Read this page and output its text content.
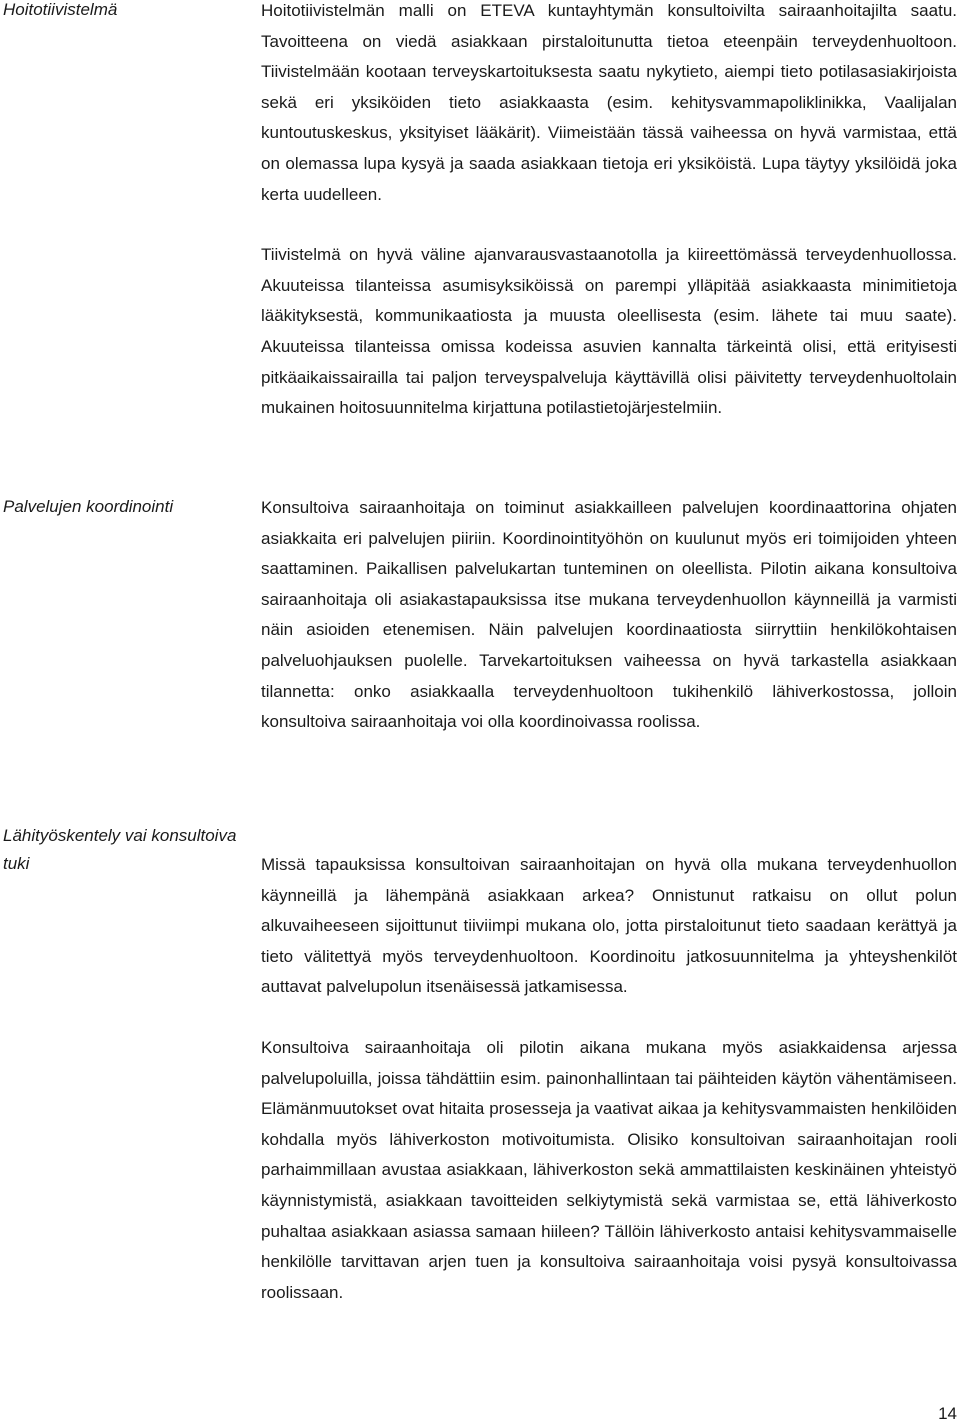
Hoitotiivistelmä	Hoitotiivistelmän malli on ETEVA kuntayhtymän konsultoivilta sairaanhoitajilta saatu. Tavoitteena on viedä asiakkaan pirstaloitunutta tietoa eteenpäin terveydenhuoltoon. Tiivistelmään kootaan terveyskartoituksesta saatu nykytieto, aiempi tieto potilasasiakirjoista sekä eri yksiköiden tieto asiakkaasta (esim. kehitysvammapoliklinikka, Vaalijalan kuntoutuskeskus, yksityiset lääkärit). Viimeistään tässä vaiheessa on hyvä varmistaa, että on olemassa lupa kysyä ja saada asiakkaan tietoja eri yksiköistä. Lupa täytyy yksilöidä joka kerta uudelleen.

Tiivistelmä on hyvä väline ajanvarausvastaanotolla ja kiireettömässä terveydenhuollossa. Akuuteissa tilanteissa asumisyksiköissä on parempi ylläpitää asiakkaasta minimitietoja lääkityksestä, kommunikaatiosta ja muusta oleellisesta (esim. lähete tai muu saate). Akuuteissa tilanteissa omissa kodeissa asuvien kannalta tärkeintä olisi, että erityisesti pitkäaikaissairailla tai paljon terveyspalveluja käyttävillä olisi päivitetty terveydenhuoltolain mukainen hoitosuunnitelma kirjattuna potilastietojärjestelmiin.

Palvelujen koordinointi	Konsultoiva sairaanhoitaja on toiminut asiakkailleen palvelujen koordinaattorina ohjaten asiakkaita eri palvelujen piiriin. Koordinointityöhön on kuulunut myös eri toimijoiden yhteen saattaminen. Paikallisen palvelukartan tunteminen on oleellista. Pilotin aikana konsultoiva sairaanhoitaja oli asiakastapauksissa itse mukana terveydenhuollon käynneillä ja varmisti näin asioiden etenemisen. Näin palvelujen koordinaatiosta siirryttiin henkilökohtaisen palveluohjauksen puolelle. Tarvekartoituksen vaiheessa on hyvä tarkastella asiakkaan tilannetta: onko asiakkaalla terveydenhuoltoon tukihenkilö lähiverkostossa, jolloin konsultoiva sairaanhoitaja voi olla koordinoivassa roolissa.

Lähityöskentely vai konsultoiva tuki	Missä tapauksissa konsultoivan sairaanhoitajan on hyvä olla mukana terveydenhuollon käynneillä ja lähempänä asiakkaan arkea? Onnistunut ratkaisu on ollut polun alkuvaiheeseen sijoittunut tiiviimpi mukana olo, jotta pirstaloitunut tieto saadaan kerättyä ja tieto välitettyä myös terveydenhuoltoon. Koordinoitu jatkosuunnitelma ja yhteyshenkilöt auttavat palvelupolun itsenäisessä jatkamisessa.

Konsultoiva sairaanhoitaja oli pilotin aikana mukana myös asiakkaidensa arjessa palvelupoluilla, joissa tähdättiin esim. painonhallintaan tai päihteiden käytön vähentämiseen. Elämänmuutokset ovat hitaita prosesseja ja vaativat aikaa ja kehitysvammaisten henkilöiden kohdalla myös lähiverkoston motivoitumista. Olisiko konsultoivan sairaanhoitajan rooli parhaimmillaan avustaa asiakkaan, lähiverkoston sekä ammattilaisten keskinäinen yhteistyö käynnistymistä, asiakkaan tavoitteiden selkiytymistä sekä varmistaa se, että lähiverkosto puhaltaa asiakkaan asiassa samaan hiileen? Tällöin lähiverkosto antaisi kehitysvammaiselle henkilölle tarvittavan arjen tuen ja konsultoiva sairaanhoitaja voisi pysyä konsultoivassa roolissaan.

14
